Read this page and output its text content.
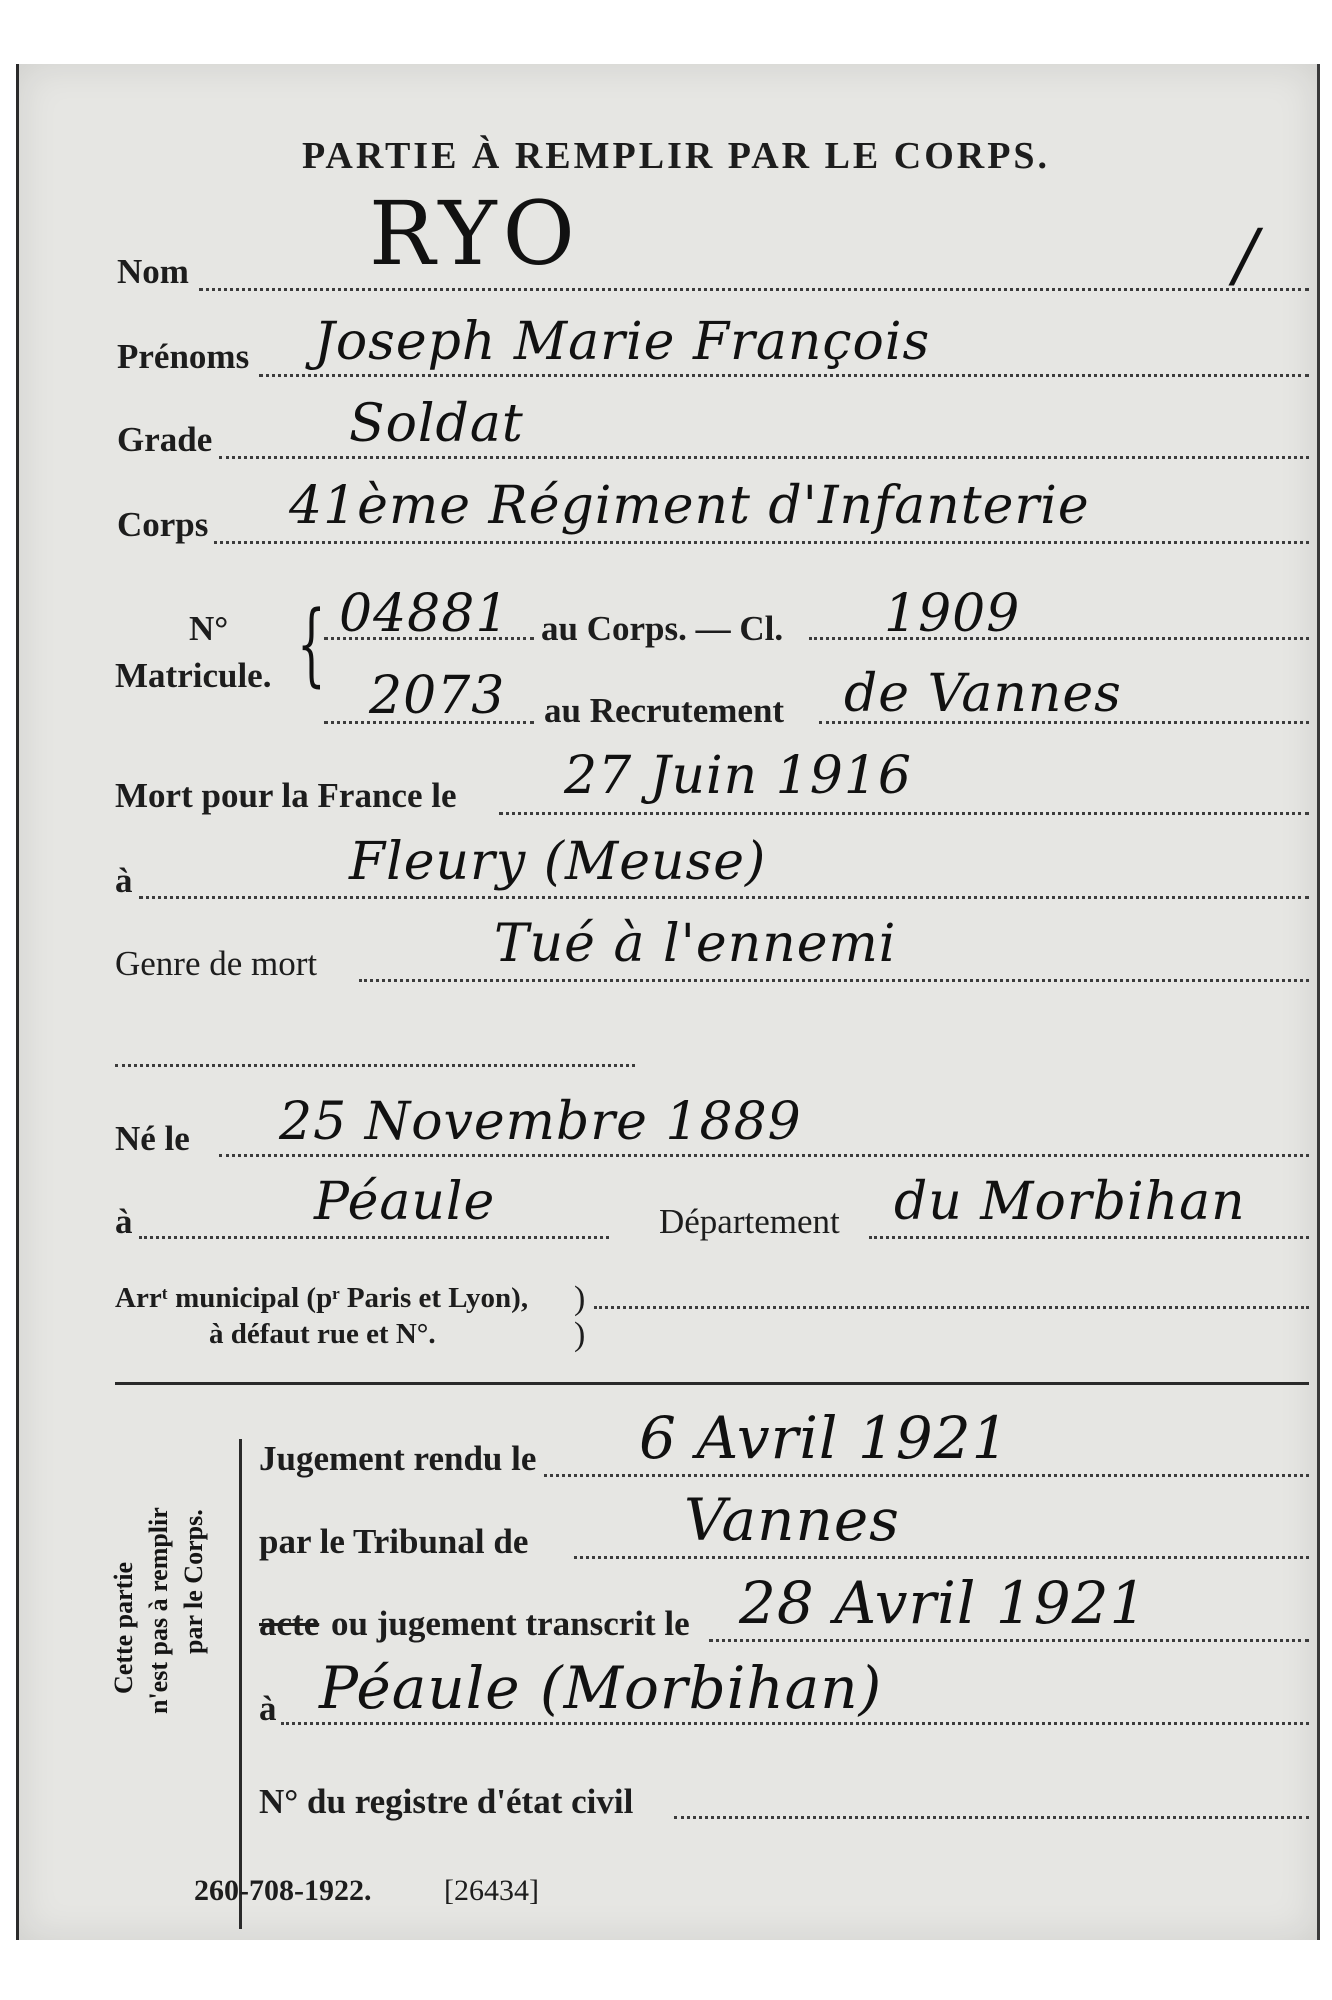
PARTIE À REMPLIR PAR LE CORPS.
Nom RYO	/
Prénoms Joseph Marie François
Grade	Soldat
Corps 41ème Régiment d'Infanterie
N°
Matricule. { 04881 au Corps. — Cl. 1909
2073 au Recrutement de Vannes
Mort pour la France le 27 Juin 1916
à	Fleury (Meuse)
Genre de mort	Tué à l'ennemi
Né le 25 Novembre 1889
à	Péaule	Département du Morbihan
Arrᵗ municipal (pʳ Paris et Lyon),
à défaut rue et N°.
)
)
Cette partie n'est pas à remplir par le Corps.
Jugement rendu le 6 Avril 1921
par le Tribunal de	Vannes
acte ou jugement transcrit le 28 Avril 1921
à Péaule (Morbihan)
N° du registre d'état civil
260-708-1922. [26434]
